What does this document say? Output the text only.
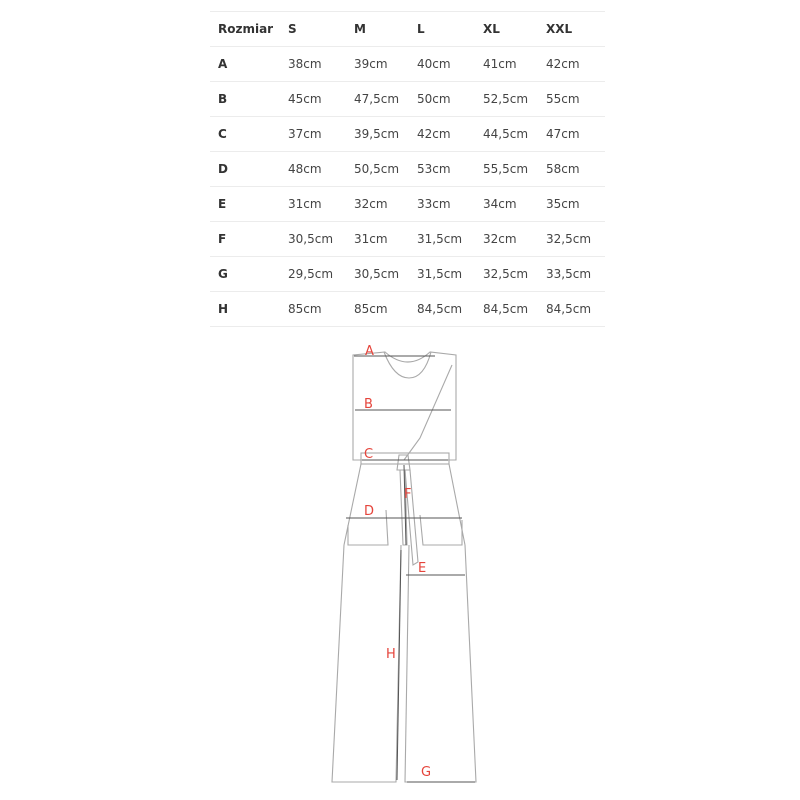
Rozmiar	S	M	L	XL	XXL
A	38cm	39cm	40cm	41cm	42cm
B	45cm	47,5cm	50cm	52,5cm	55cm
C	37cm	39,5cm	42cm	44,5cm	47cm
D	48cm	50,5cm	53cm	55,5cm	58cm
E	31cm	32cm	33cm	34cm	35cm
F	30,5cm	31cm	31,5cm	32cm	32,5cm
G	29,5cm	30,5cm	31,5cm	32,5cm	33,5cm
H	85cm	85cm	84,5cm	84,5cm	84,5cm
A
B
C
F
D
E
H
G
